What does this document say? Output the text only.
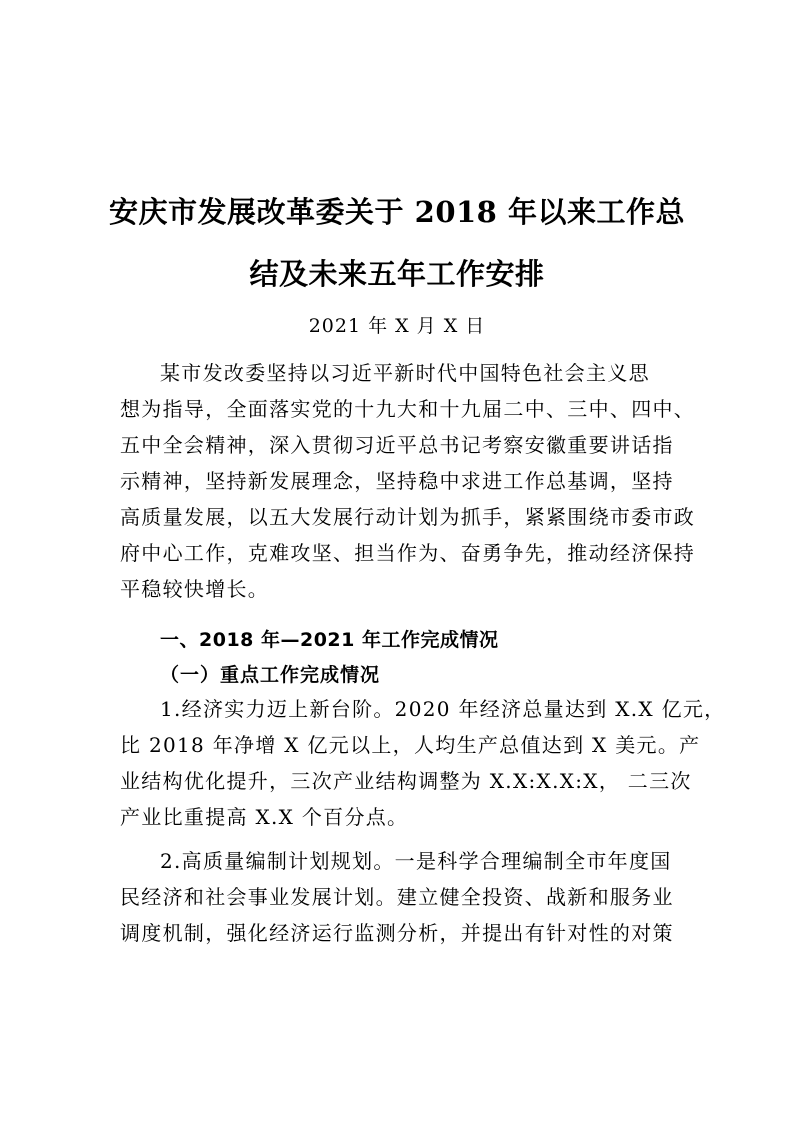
安庆市发展改革委关于 2018 年以来工作总
结及未来五年工作安排
2021 年 X 月 X 日
某市发改委坚持以习近平新时代中国特色社会主义思
想为指导，全面落实党的十九大和十九届二中、三中、四中、
五中全会精神，深入贯彻习近平总书记考察安徽重要讲话指
示精神，坚持新发展理念，坚持稳中求进工作总基调，坚持
高质量发展，以五大发展行动计划为抓手，紧紧围绕市委市政
府中心工作，克难攻坚、担当作为、奋勇争先，推动经济保持
平稳较快增长。
一、2018 年—2021 年工作完成情况
（一）重点工作完成情况
1.经济实力迈上新台阶。2020 年经济总量达到 X.X 亿元，
比 2018 年净增 X 亿元以上，人均生产总值达到 X 美元。产
业结构优化提升，三次产业结构调整为 X.X:X.X:X， 二三次
产业比重提高 X.X 个百分点。
2.高质量编制计划规划。一是科学合理编制全市年度国
民经济和社会事业发展计划。建立健全投资、战新和服务业
调度机制，强化经济运行监测分析，并提出有针对性的对策
